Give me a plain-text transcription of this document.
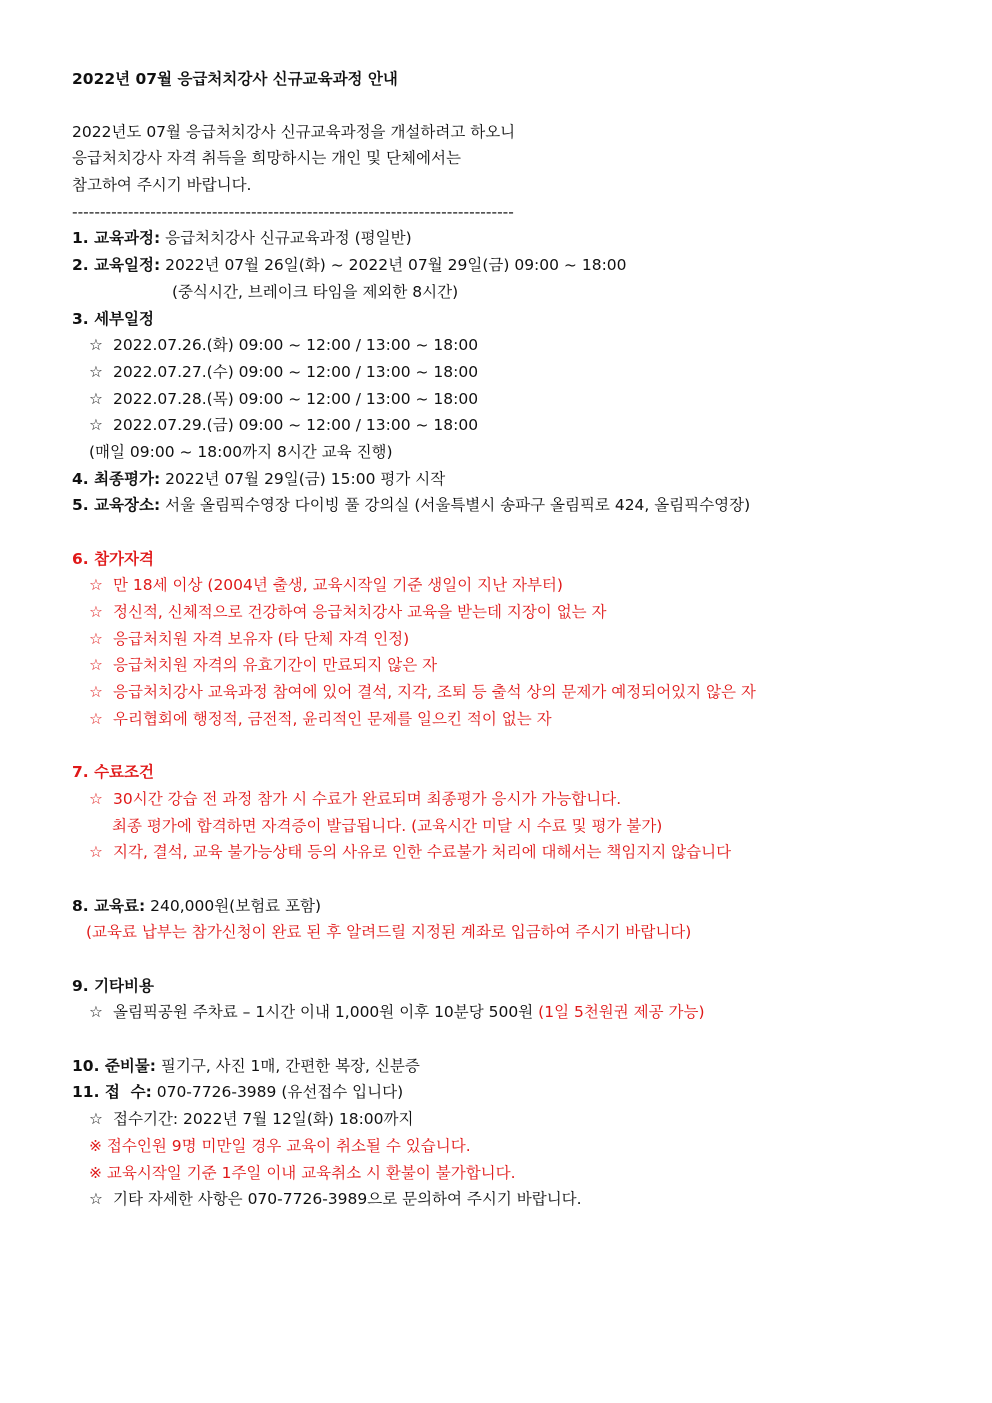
2022년 07월 응급처치강사 신규교육과정 안내
2022년도 07월 응급처치강사 신규교육과정을 개설하려고 하오니
응급처치강사 자격 취득을 희망하시는 개인 및 단체에서는
참고하여 주시기 바랍니다.
-------------------------------------------------------------------------------
1. 교육과정: 응급처치강사 신규교육과정 (평일반)
2. 교육일정: 2022년 07월 26일(화) ~ 2022년 07월 29일(금) 09:00 ~ 18:00
(중식시간, 브레이크 타임을 제외한 8시간)
3. 세부일정
☆ 2022.07.26.(화) 09:00 ~ 12:00 / 13:00 ~ 18:00
☆ 2022.07.27.(수) 09:00 ~ 12:00 / 13:00 ~ 18:00
☆ 2022.07.28.(목) 09:00 ~ 12:00 / 13:00 ~ 18:00
☆ 2022.07.29.(금) 09:00 ~ 12:00 / 13:00 ~ 18:00
(매일 09:00 ~ 18:00까지 8시간 교육 진행)
4. 최종평가: 2022년 07월 29일(금) 15:00 평가 시작
5. 교육장소: 서울 올림픽수영장 다이빙 풀 강의실 (서울특별시 송파구 올림픽로 424, 올림픽수영장)
6. 참가자격
☆ 만 18세 이상 (2004년 출생, 교육시작일 기준 생일이 지난 자부터)
☆ 정신적, 신체적으로 건강하여 응급처치강사 교육을 받는데 지장이 없는 자
☆ 응급처치원 자격 보유자 (타 단체 자격 인정)
☆ 응급처치원 자격의 유효기간이 만료되지 않은 자
☆ 응급처치강사 교육과정 참여에 있어 결석, 지각, 조퇴 등 출석 상의 문제가 예정되어있지 않은 자
☆ 우리협회에 행정적, 금전적, 윤리적인 문제를 일으킨 적이 없는 자
7. 수료조건
☆ 30시간 강습 전 과정 참가 시 수료가 완료되며 최종평가 응시가 가능합니다.
최종 평가에 합격하면 자격증이 발급됩니다. (교육시간 미달 시 수료 및 평가 불가)
☆ 지각, 결석, 교육 불가능상태 등의 사유로 인한 수료불가 처리에 대해서는 책임지지 않습니다
8. 교육료: 240,000원(보험료 포함)
(교육료 납부는 참가신청이 완료 된 후 알려드릴 지정된 계좌로 입금하여 주시기 바랍니다)
9. 기타비용
☆ 올림픽공원 주차료 – 1시간 이내 1,000원 이후 10분당 500원 (1일 5천원권 제공 가능)
10. 준비물: 필기구, 사진 1매, 간편한 복장, 신분증
11. 접  수: 070-7726-3989 (유선접수 입니다)
☆ 접수기간: 2022년 7월 12일(화) 18:00까지
※ 접수인원 9명 미만일 경우 교육이 취소될 수 있습니다.
※ 교육시작일 기준 1주일 이내 교육취소 시 환불이 불가합니다.
☆ 기타 자세한 사항은 070-7726-3989으로 문의하여 주시기 바랍니다.
